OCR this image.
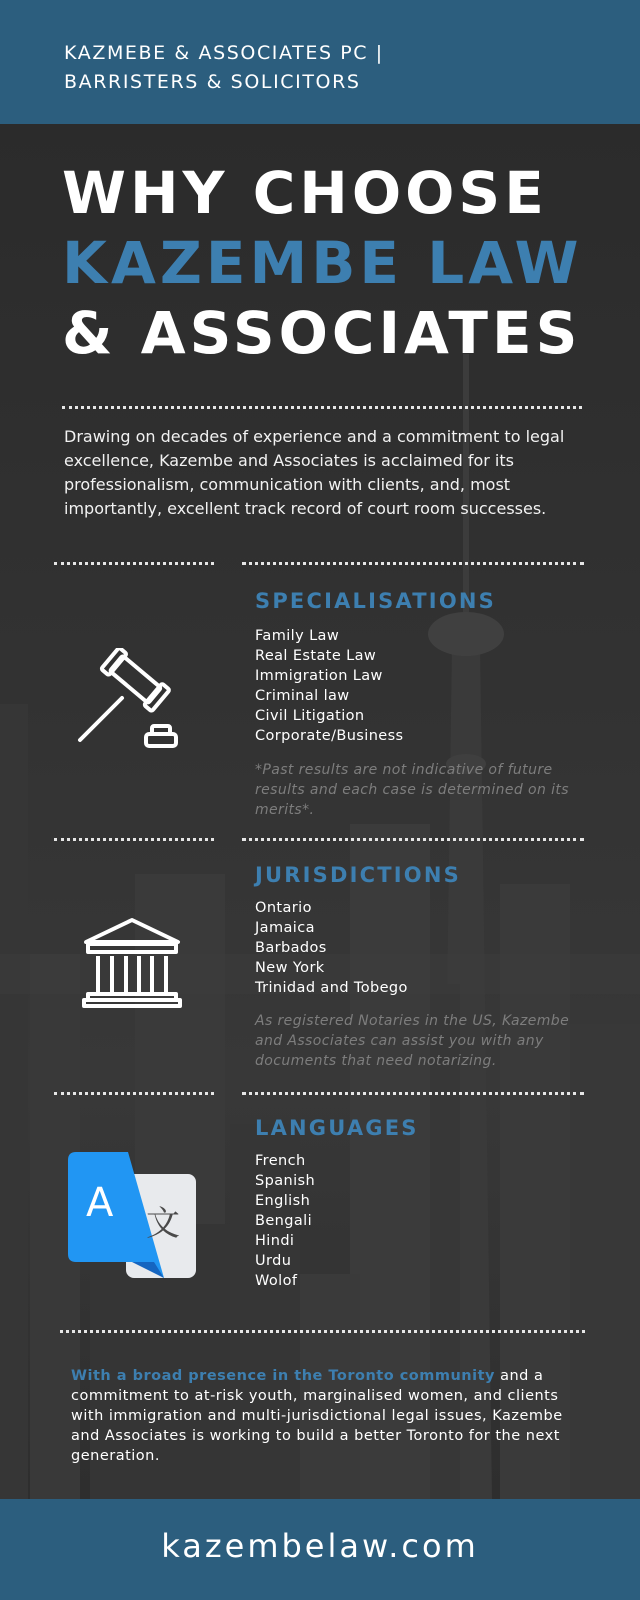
KAZMEBE & ASSOCIATES PC |
BARRISTERS & SOLICITORS
WHY CHOOSE
KAZEMBE LAW
& ASSOCIATES
Drawing on decades of experience and a commitment to legal excellence, Kazembe and Associates is acclaimed for its professionalism, communication with clients, and, most importantly, excellent track record of court room successes.
SPECIALISATIONS
Family Law
Real Estate Law
Immigration Law
Criminal law
Civil Litigation
Corporate/Business
*Past results are not indicative of future results and each case is determined on its merits*.
JURISDICTIONS
Ontario
Jamaica
Barbados
New York
Trinidad and Tobego
As registered Notaries in the US, Kazembe and Associates can assist you with any documents that need notarizing.
LANGUAGES
French
Spanish
English
Bengali
Hindi
Urdu
Wolof
A 文
With a broad presence in the Toronto community and a commitment to at-risk youth, marginalised women, and clients with immigration and multi-jurisdictional legal issues, Kazembe and Associates is working to build a better Toronto for the next generation.
kazembelaw.com
